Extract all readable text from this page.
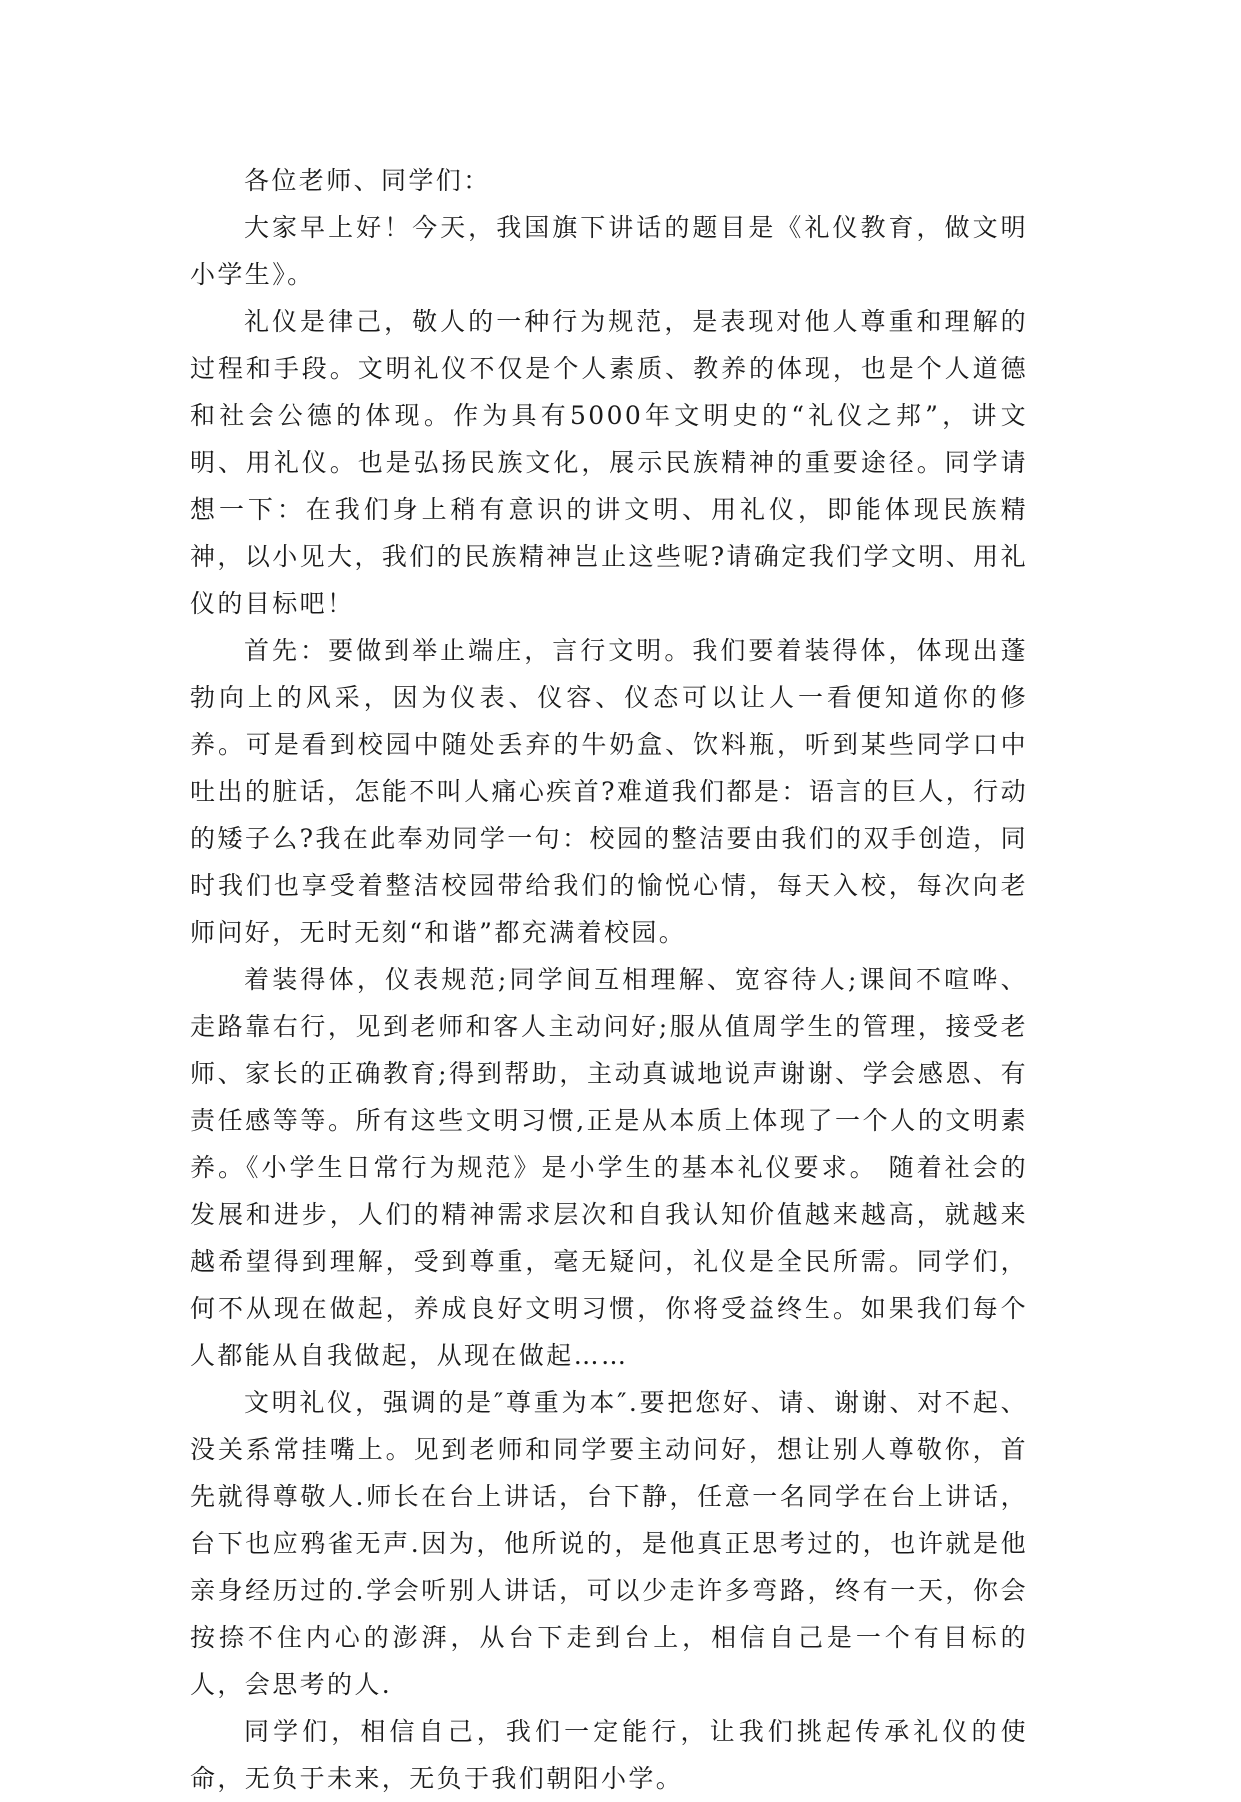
各位老师、同学们：

大家早上好！今天，我国旗下讲话的题目是《礼仪教育，做文明小学生》。

礼仪是律己，敬人的一种行为规范，是表现对他人尊重和理解的过程和手段。文明礼仪不仅是个人素质、教养的体现，也是个人道德和社会公德的体现。作为具有5000年文明史的“礼仪之邦”，讲文明、用礼仪。也是弘扬民族文化，展示民族精神的重要途径。同学请想一下：在我们身上稍有意识的讲文明、用礼仪，即能体现民族精神，以小见大，我们的民族精神岂止这些呢?请确定我们学文明、用礼仪的目标吧！

首先：要做到举止端庄，言行文明。我们要着装得体，体现出蓬勃向上的风采，因为仪表、仪容、仪态可以让人一看便知道你的修养。可是看到校园中随处丢弃的牛奶盒、饮料瓶，听到某些同学口中吐出的脏话，怎能不叫人痛心疾首?难道我们都是：语言的巨人，行动的矮子么?我在此奉劝同学一句：校园的整洁要由我们的双手创造，同时我们也享受着整洁校园带给我们的愉悦心情，每天入校，每次向老师问好，无时无刻“和谐”都充满着校园。

着装得体，仪表规范;同学间互相理解、宽容待人;课间不喧哗、走路靠右行，见到老师和客人主动问好;服从值周学生的管理，接受老师、家长的正确教育;得到帮助，主动真诚地说声谢谢、学会感恩、有责任感等等。所有这些文明习惯,正是从本质上体现了一个人的文明素养。《小学生日常行为规范》是小学生的基本礼仪要求。 随着社会的发展和进步，人们的精神需求层次和自我认知价值越来越高，就越来越希望得到理解，受到尊重，毫无疑问，礼仪是全民所需。同学们，何不从现在做起，养成良好文明习惯，你将受益终生。如果我们每个人都能从自我做起，从现在做起……

文明礼仪，强调的是″尊重为本″.要把您好、请、谢谢、对不起、没关系常挂嘴上。见到老师和同学要主动问好，想让别人尊敬你，首先就得尊敬人.师长在台上讲话，台下静，任意一名同学在台上讲话，台下也应鸦雀无声.因为，他所说的，是他真正思考过的，也许就是他亲身经历过的.学会听别人讲话，可以少走许多弯路，终有一天，你会按捺不住内心的澎湃，从台下走到台上，相信自己是一个有目标的人，会思考的人.

同学们，相信自己，我们一定能行，让我们挑起传承礼仪的使命，无负于未来，无负于我们朝阳小学。
